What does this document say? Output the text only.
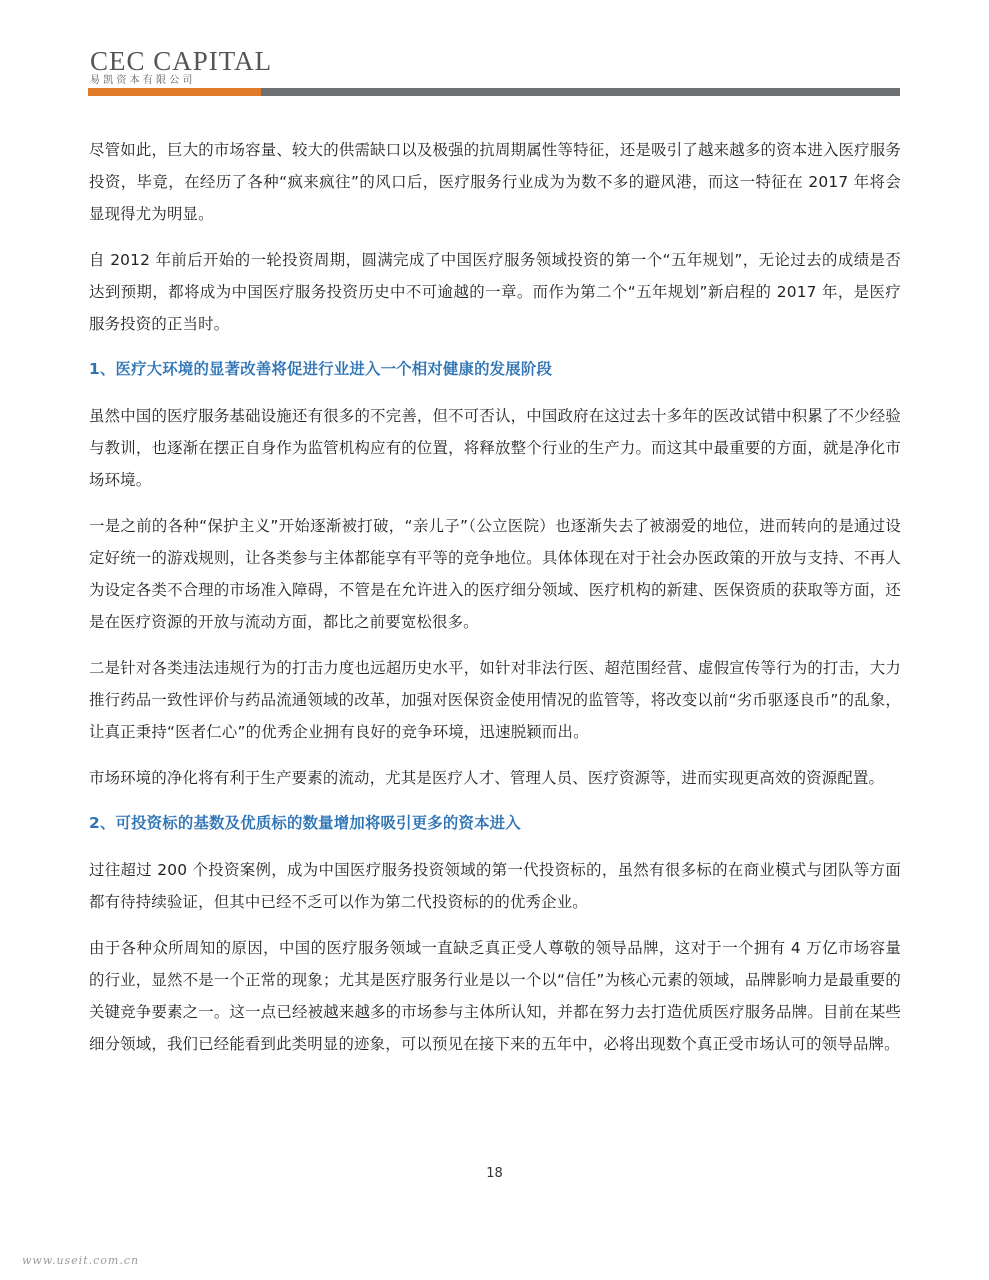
CEC CAPITAL
易凯资本有限公司

尽管如此，巨大的市场容量、较大的供需缺口以及极强的抗周期属性等特征，还是吸引了越来越多的资本进入医疗服务投资，毕竟，在经历了各种“疯来疯往”的风口后，医疗服务行业成为为数不多的避风港，而这一特征在 2017 年将会显现得尤为明显。

自 2012 年前后开始的一轮投资周期，圆满完成了中国医疗服务领域投资的第一个“五年规划”，无论过去的成绩是否达到预期，都将成为中国医疗服务投资历史中不可逾越的一章。而作为第二个“五年规划”新启程的 2017 年，是医疗服务投资的正当时。

1、医疗大环境的显著改善将促进行业进入一个相对健康的发展阶段

虽然中国的医疗服务基础设施还有很多的不完善，但不可否认，中国政府在这过去十多年的医改试错中积累了不少经验与教训，也逐渐在摆正自身作为监管机构应有的位置，将释放整个行业的生产力。而这其中最重要的方面，就是净化市场环境。

一是之前的各种“保护主义”开始逐渐被打破，“亲儿子”（公立医院）也逐渐失去了被溺爱的地位，进而转向的是通过设定好统一的游戏规则，让各类参与主体都能享有平等的竞争地位。具体体现在对于社会办医政策的开放与支持、不再人为设定各类不合理的市场准入障碍，不管是在允许进入的医疗细分领域、医疗机构的新建、医保资质的获取等方面，还是在医疗资源的开放与流动方面，都比之前要宽松很多。

二是针对各类违法违规行为的打击力度也远超历史水平，如针对非法行医、超范围经营、虚假宣传等行为的打击，大力推行药品一致性评价与药品流通领域的改革，加强对医保资金使用情况的监管等，将改变以前“劣币驱逐良币”的乱象，让真正秉持“医者仁心”的优秀企业拥有良好的竞争环境，迅速脱颖而出。

市场环境的净化将有利于生产要素的流动，尤其是医疗人才、管理人员、医疗资源等，进而实现更高效的资源配置。

2、可投资标的基数及优质标的数量增加将吸引更多的资本进入

过往超过 200 个投资案例，成为中国医疗服务投资领域的第一代投资标的，虽然有很多标的在商业模式与团队等方面都有待持续验证，但其中已经不乏可以作为第二代投资标的的优秀企业。

由于各种众所周知的原因，中国的医疗服务领域一直缺乏真正受人尊敬的领导品牌，这对于一个拥有 4 万亿市场容量的行业，显然不是一个正常的现象；尤其是医疗服务行业是以一个以“信任”为核心元素的领域，品牌影响力是最重要的关键竞争要素之一。这一点已经被越来越多的市场参与主体所认知，并都在努力去打造优质医疗服务品牌。目前在某些细分领域，我们已经能看到此类明显的迹象，可以预见在接下来的五年中，必将出现数个真正受市场认可的领导品牌。

18
www.useit.com.cn
